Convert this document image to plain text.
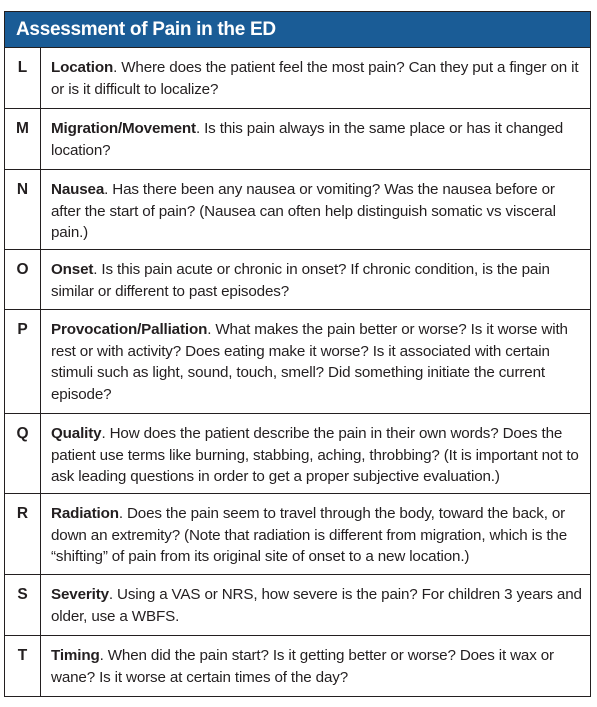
Assessment of Pain in the ED
L	Location. Where does the patient feel the most pain? Can they put a finger on it or is it difficult to localize?
M	Migration/Movement. Is this pain always in the same place or has it changed location?
N	Nausea. Has there been any nausea or vomiting? Was the nausea before or after the start of pain? (Nausea can often help distinguish somatic vs visceral pain.)
O	Onset. Is this pain acute or chronic in onset? If chronic condition, is the pain similar or different to past episodes?
P	Provocation/Palliation. What makes the pain better or worse? Is it worse with rest or with activity? Does eating make it worse? Is it associated with certain stimuli such as light, sound, touch, smell? Did something initiate the current episode?
Q	Quality. How does the patient describe the pain in their own words? Does the patient use terms like burning, stabbing, aching, throbbing? (It is important not to ask leading questions in order to get a proper subjective evaluation.)
R	Radiation. Does the pain seem to travel through the body, toward the back, or down an extremity? (Note that radiation is different from migration, which is the “shifting” of pain from its original site of onset to a new location.)
S	Severity. Using a VAS or NRS, how severe is the pain? For children 3 years and older, use a WBFS.
T	Timing. When did the pain start? Is it getting better or worse? Does it wax or wane? Is it worse at certain times of the day?
